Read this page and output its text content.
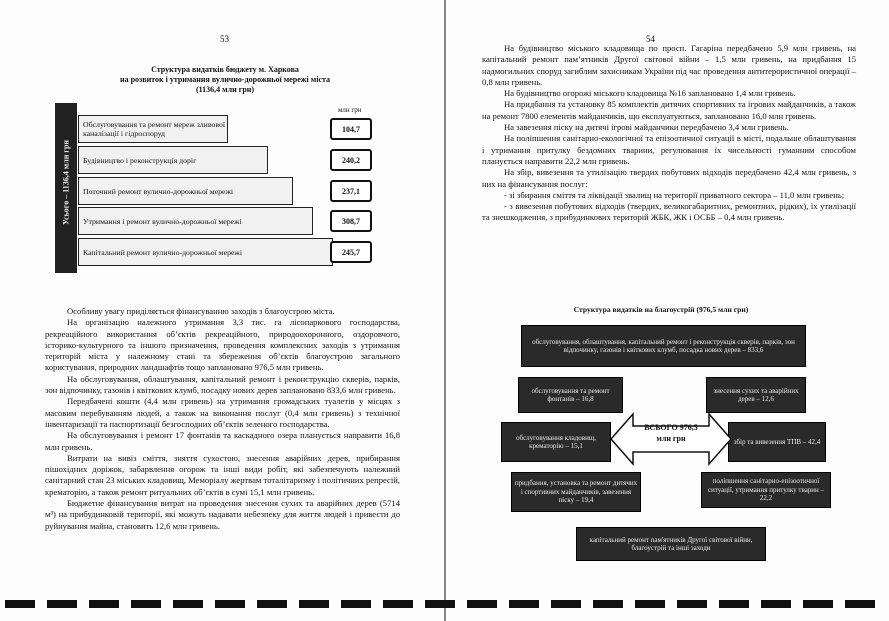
53
Структура видатків бюджету м. Харкова
на розвиток і утримання вулично-дорожньої мережі міста
(1136,4 млн грн)
млн грн
Усього – 1136,4 млн грн
Обслуговування та ремонт мереж зливової каналізації і гідроспоруд	104,7
Будівництво і реконструкція доріг	240,2
Поточний ремонт вулично-дорожньої мережі	237,1
Утримання і ремонт вулично-дорожньої мережі	308,7
Капітальний ремонт вулично-дорожньої мережі	245,7

Особливу увагу приділяється фінансуванню заходів з благоустрою міста.

На організацію належного утримання 3,3 тис. га лісопаркового господарства, рекреаційного використання об’єктів рекреаційного, природоохоронного, оздоровчого, історико-культурного та іншого призначення, проведення комплексних заходів з утримання територій міста у належному стані та збереження об’єктів благоустрою загального користування, природних ландшафтів тощо заплановано 976,5 млн гривень.

На обслуговування, облаштування, капітальний ремонт і реконструкцію скверів, парків, зон відпочинку, газонів і квіткових клумб, посадку нових дерев заплановано 833,6 млн гривень.

Передбачені кошти (4,4 млн гривень) на утримання громадських туалетів у місцях з масовим перебуванням людей, а також на виконання послуг (0,4 млн гривень) з технічної інвентаризації та паспортизації безгосподних об’єктів зеленого господарства.

На обслуговування і ремонт 17 фонтанів та каскадного озера планується направити 16,8 млн гривень.

Витрати на вивіз сміття, зняття сухостою, знесення аварійних дерев, прибирання пішохідних доріжок, забарвлення огорож та інші види робіт, які забезпечують належний санітарний стан 23 міських кладовищ, Меморіалу жертвам тоталітаризму і політичних репресій, крематорію, а також ремонт ритуальних об’єктів в сумі 15,1 млн гривень.

Бюджетне фінансування витрат на проведення знесення сухих та аварійних дерев (5714 м³) на прибудинковій території, які можуть надавати небезпеку для життя людей і привести до руйнування майна, становить 12,6 млн гривень.

54

На будівництво міського кладовища по просп. Гагаріна передбачено 5,9 млн гривень, на капітальний ремонт пам’ятників Другої світової війни – 1,5 млн гривень, на придбання 15 надмогильних споруд загиблим захисникам України під час проведення антитерористичної операції – 0,8 млн гривень.

На будівництво огорожі міського кладовища №16 заплановано 1,4 млн гривень.

На придбання та установку 85 комплектів дитячих спортивних та ігрових майданчиків, а також на ремонт 7800 елементів майданчиків, що експлуатуються, заплановано 16,0 млн гривень.

На завезення піску на дитячі ігрові майданчики передбачено 3,4 млн гривень.

На поліпшення санітарно-екологічної та епізоотичної ситуації в місті, подальше облаштування і утримання притулку бездомних тварини, регулювання їх чисельності гуманним способом планується направити 22,2 млн гривень.

На збір, вивезення та утилізацію твердих побутових відходів передбачено 42,4 млн гривень, з них на фінансування послуг:

- зі збирання сміття та ліквідації звалищ на території приватного сектора – 11,0 млн гривень;

- з вивезення побутових відходів (твердих, великогабаритних, ремонтних, рідких), їх утилізації та знешкодження, з прибудинкових територій ЖБК, ЖК і ОСББ – 0,4 млн гривень.

Структура видатків на благоустрій (976,5 млн грн)
обслуговування, облаштування, капітальний ремонт і реконструкція скверів, парків, зон відпочинку, газонів і квіткових клумб, посадка нових дерев – 833,6
обслуговування та ремонт фонтанів – 16,8
знесення сухих та аварійних дерев – 12,6
обслуговування кладовищ, крематорію – 15,1
збір та вивезення ТПВ – 42,4
ВСЬОГО 976,5 млн грн
придбання, установка та ремонт дитячих і спортивних майданчиків, завезення піску – 19,4
поліпшення санітарно-епізоотичної ситуації, утримання притулку тварин – 22,2
капітальний ремонт пам'ятників Другої світової війни, благоустрій та інші заходи
